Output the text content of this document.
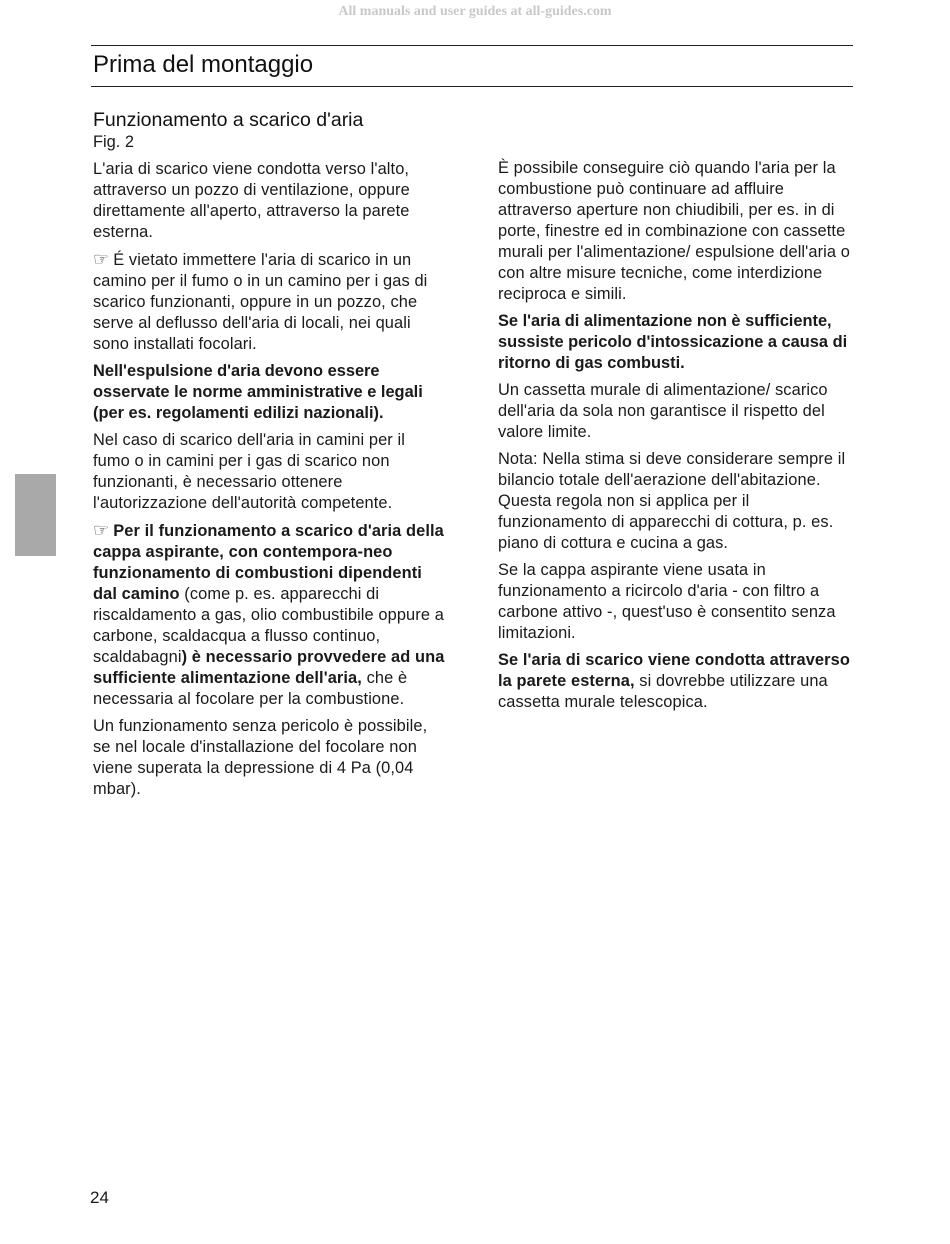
All manuals and user guides at all-guides.com
Prima del montaggio
Funzionamento a scarico d'aria
Fig. 2

L'aria di scarico viene condotta verso l'alto, attraverso un pozzo di ventilazione, oppure direttamente all'aperto, attraverso la parete esterna.

☞ É vietato immettere l'aria di scarico in un camino per il fumo o in un camino per i gas di scarico funzionanti, oppure in un pozzo, che serve al deflusso dell'aria di locali, nei quali sono installati focolari.

Nell'espulsione d'aria devono essere osservate le norme amministrative e legali (per es. regolamenti edilizi nazionali).

Nel caso di scarico dell'aria in camini per il fumo o in camini per i gas di scarico non funzionanti, è necessario ottenere l'autorizzazione dell'autorità competente.

☞ Per il funzionamento a scarico d'aria della cappa aspirante, con contempora-neo funzionamento di combustioni dipendenti dal camino (come p. es. apparecchi di riscaldamento a gas, olio combustibile oppure a carbone, scaldacqua a flusso continuo, scaldabagni) è necessario provvedere ad una sufficiente alimentazione dell'aria, che è necessaria al focolare per la combustione.

Un funzionamento senza pericolo è possibile, se nel locale d'installazione del focolare non viene superata la depressione di 4 Pa (0,04 mbar).

È possibile conseguire ciò quando l'aria per la combustione può continuare ad affluire attraverso aperture non chiudibili, per es. in di porte, finestre ed in combinazione con cassette murali per l'alimentazione/ espulsione dell'aria o con altre misure tecniche, come interdizione reciproca e simili.

Se l'aria di alimentazione non è sufficiente, sussiste pericolo d'intossicazione a causa di ritorno di gas combusti.

Un cassetta murale di alimentazione/ scarico dell'aria da sola non garantisce il rispetto del valore limite.

Nota: Nella stima si deve considerare sempre il bilancio totale dell'aerazione dell'abitazione. Questa regola non si applica per il funzionamento di apparecchi di cottura, p. es. piano di cottura e cucina a gas.

Se la cappa aspirante viene usata in funzionamento a ricircolo d'aria - con filtro a carbone attivo -, quest'uso è consentito senza limitazioni.

Se l'aria di scarico viene condotta attraverso la parete esterna, si dovrebbe utilizzare una cassetta murale telescopica.

24
